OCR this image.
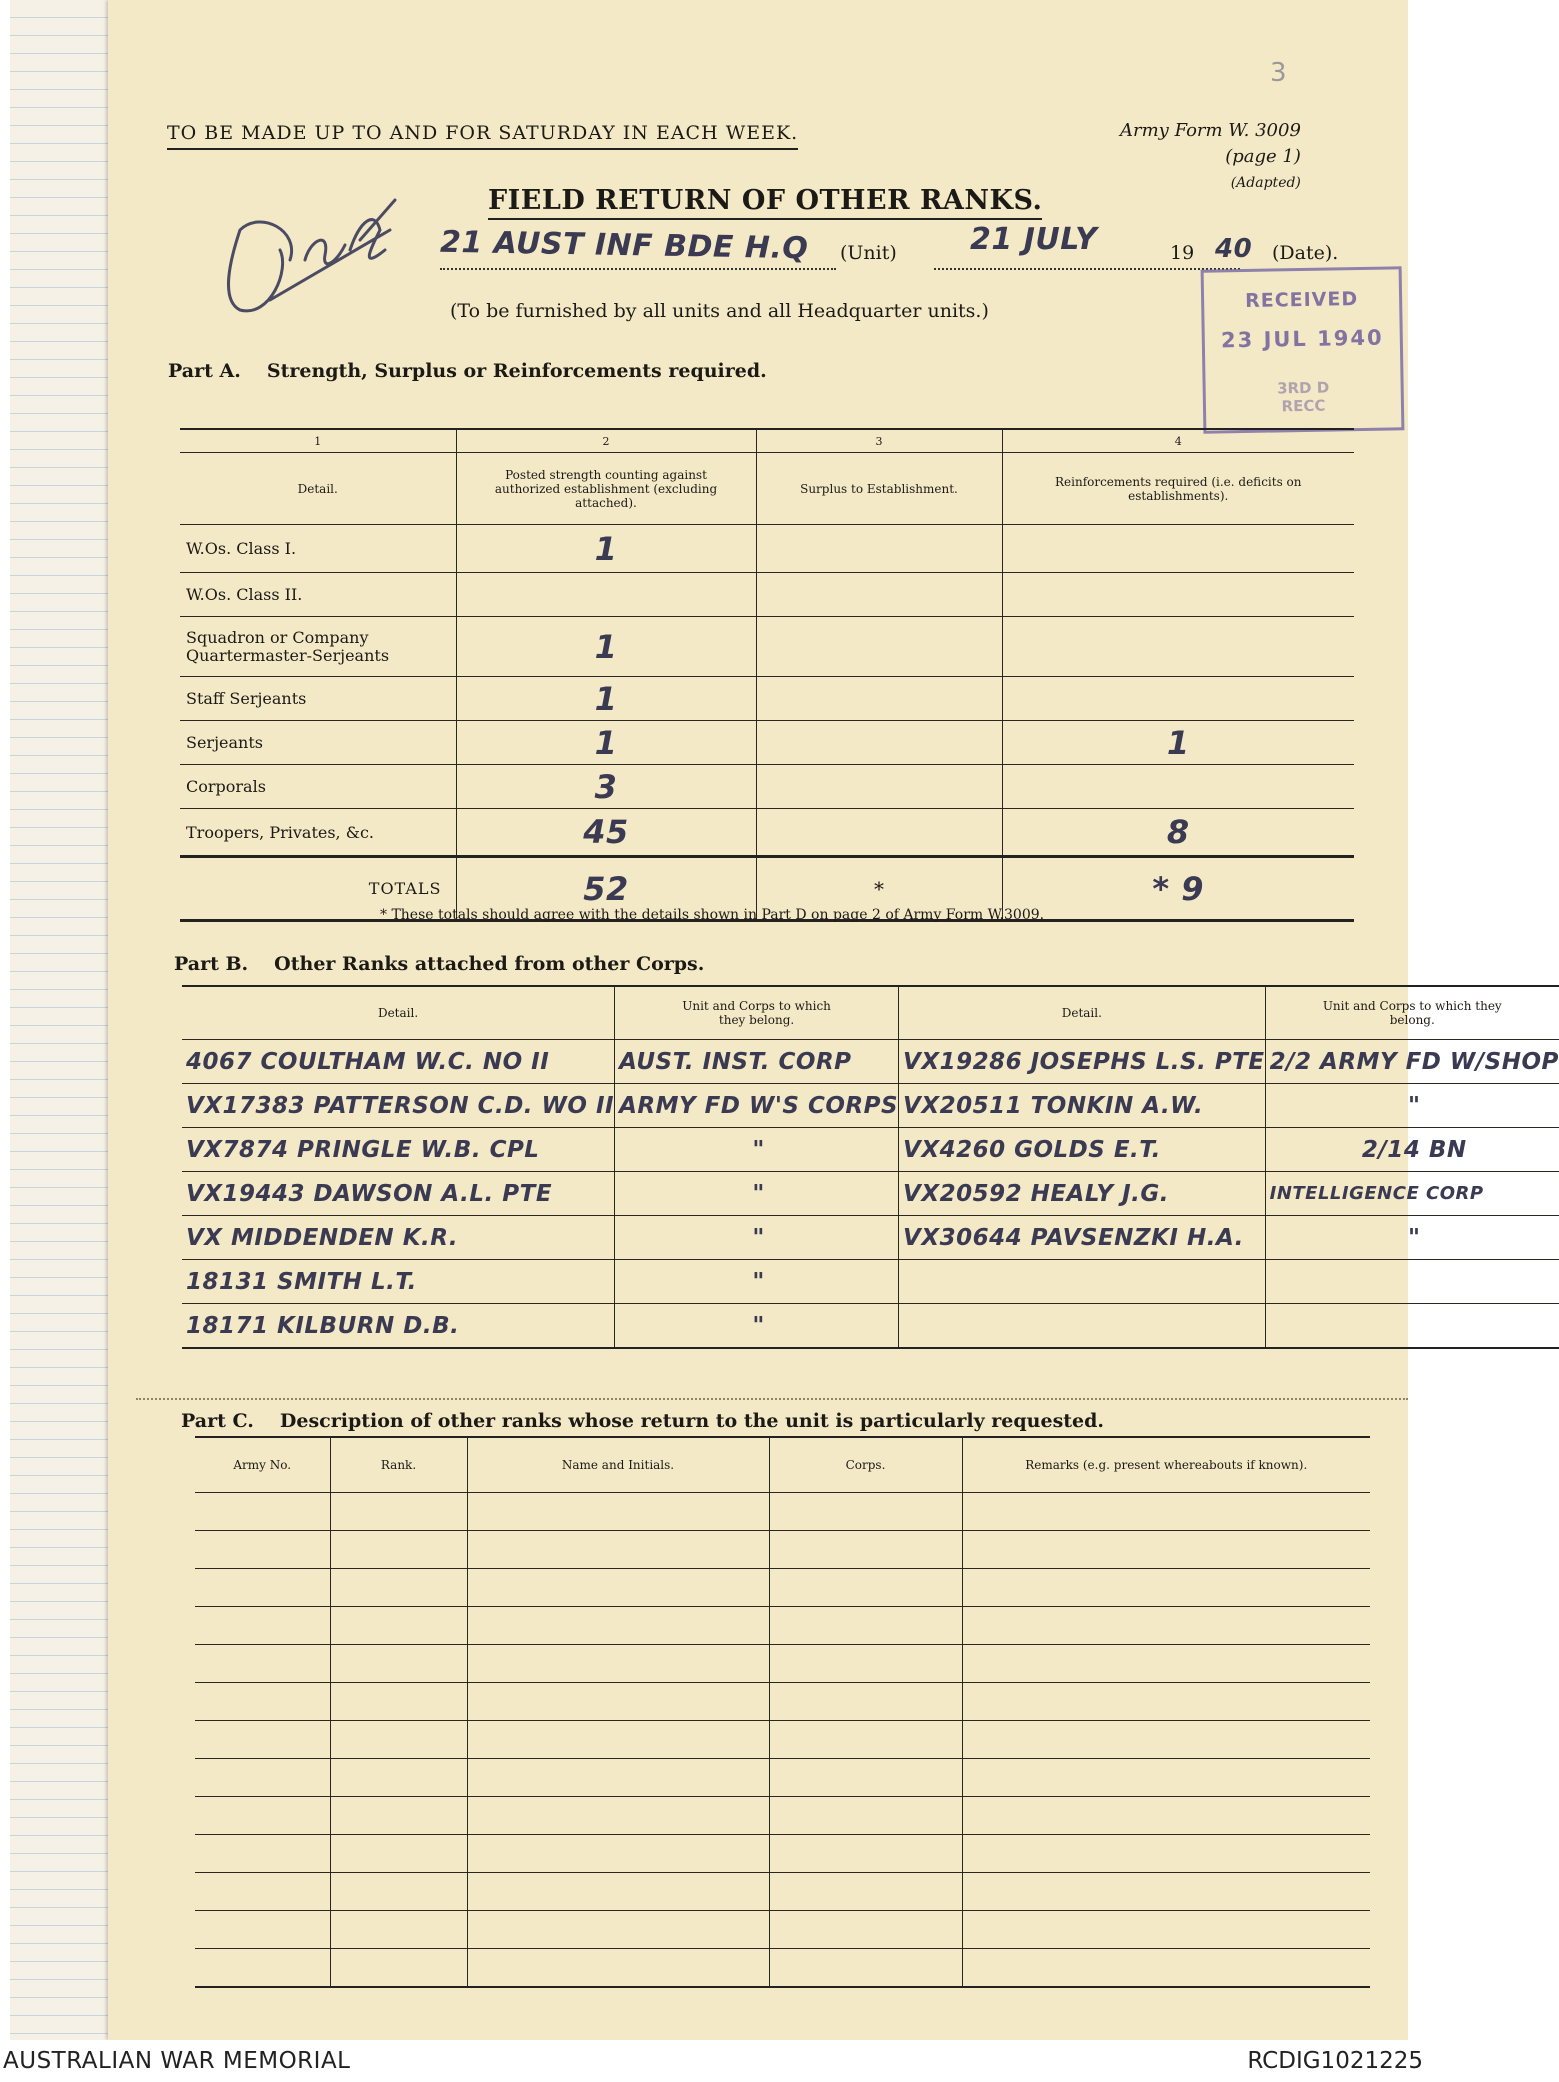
3
TO BE MADE UP TO AND FOR SATURDAY IN EACH WEEK.	Army Form W. 3009
(page 1)
(Adapted)
FIELD RETURN OF OTHER RANKS.
21 AUST INF BDE H.Q (Unit) 21 JULY	19 40 (Date).
(To be furnished by all units and all Headquarter units.)	RECEIVED
23 JUL 1940
3RD D
RECC
Part A. Strength, Surplus or Reinforcements required.
1	2	3	4
Detail.	Posted strength counting against authorized establishment (excluding attached).	Surplus to Establishment.	Reinforcements required (i.e. deficits on establishments).
W.Os. Class I.	1		
W.Os. Class II.			
Squadron or Company Quartermaster-Serjeants	1		
Staff Serjeants	1		
Serjeants	1		1
Corporals	3		
Troopers, Privates, &c.	45		8
TOTALS	52	*	* 9
* These totals should agree with the details shown in Part D on page 2 of Army Form W.3009.
Part B. Other Ranks attached from other Corps.
Detail.	Unit and Corps to which they belong.	Detail.	Unit and Corps to which they belong.
4067 COULTHAM W.C. NO II	AUST. INST. CORP	VX19286 JOSEPHS L.S. PTE	2/2 ARMY FD W/SHOP
VX17383 PATTERSON C.D. WO II	ARMY FD W'S CORPS	VX20511 TONKIN A.W.	"
VX7874 PRINGLE W.B. CPL	"	VX4260 GOLDS E.T.	2/14 BN
VX19443 DAWSON A.L. PTE	"	VX20592 HEALY J.G.	INTELLIGENCE CORP
VX MIDDENDEN K.R.	"	VX30644 PAVSENZKI H.A.	"
18131 SMITH L.T.	"		
18171 KILBURN D.B.	"		
Part C. Description of other ranks whose return to the unit is particularly requested.
Army No.	Rank.	Name and Initials.	Corps.	Remarks (e.g. present whereabouts if known).

AUSTRALIAN WAR MEMORIAL	RCDIG1021225
